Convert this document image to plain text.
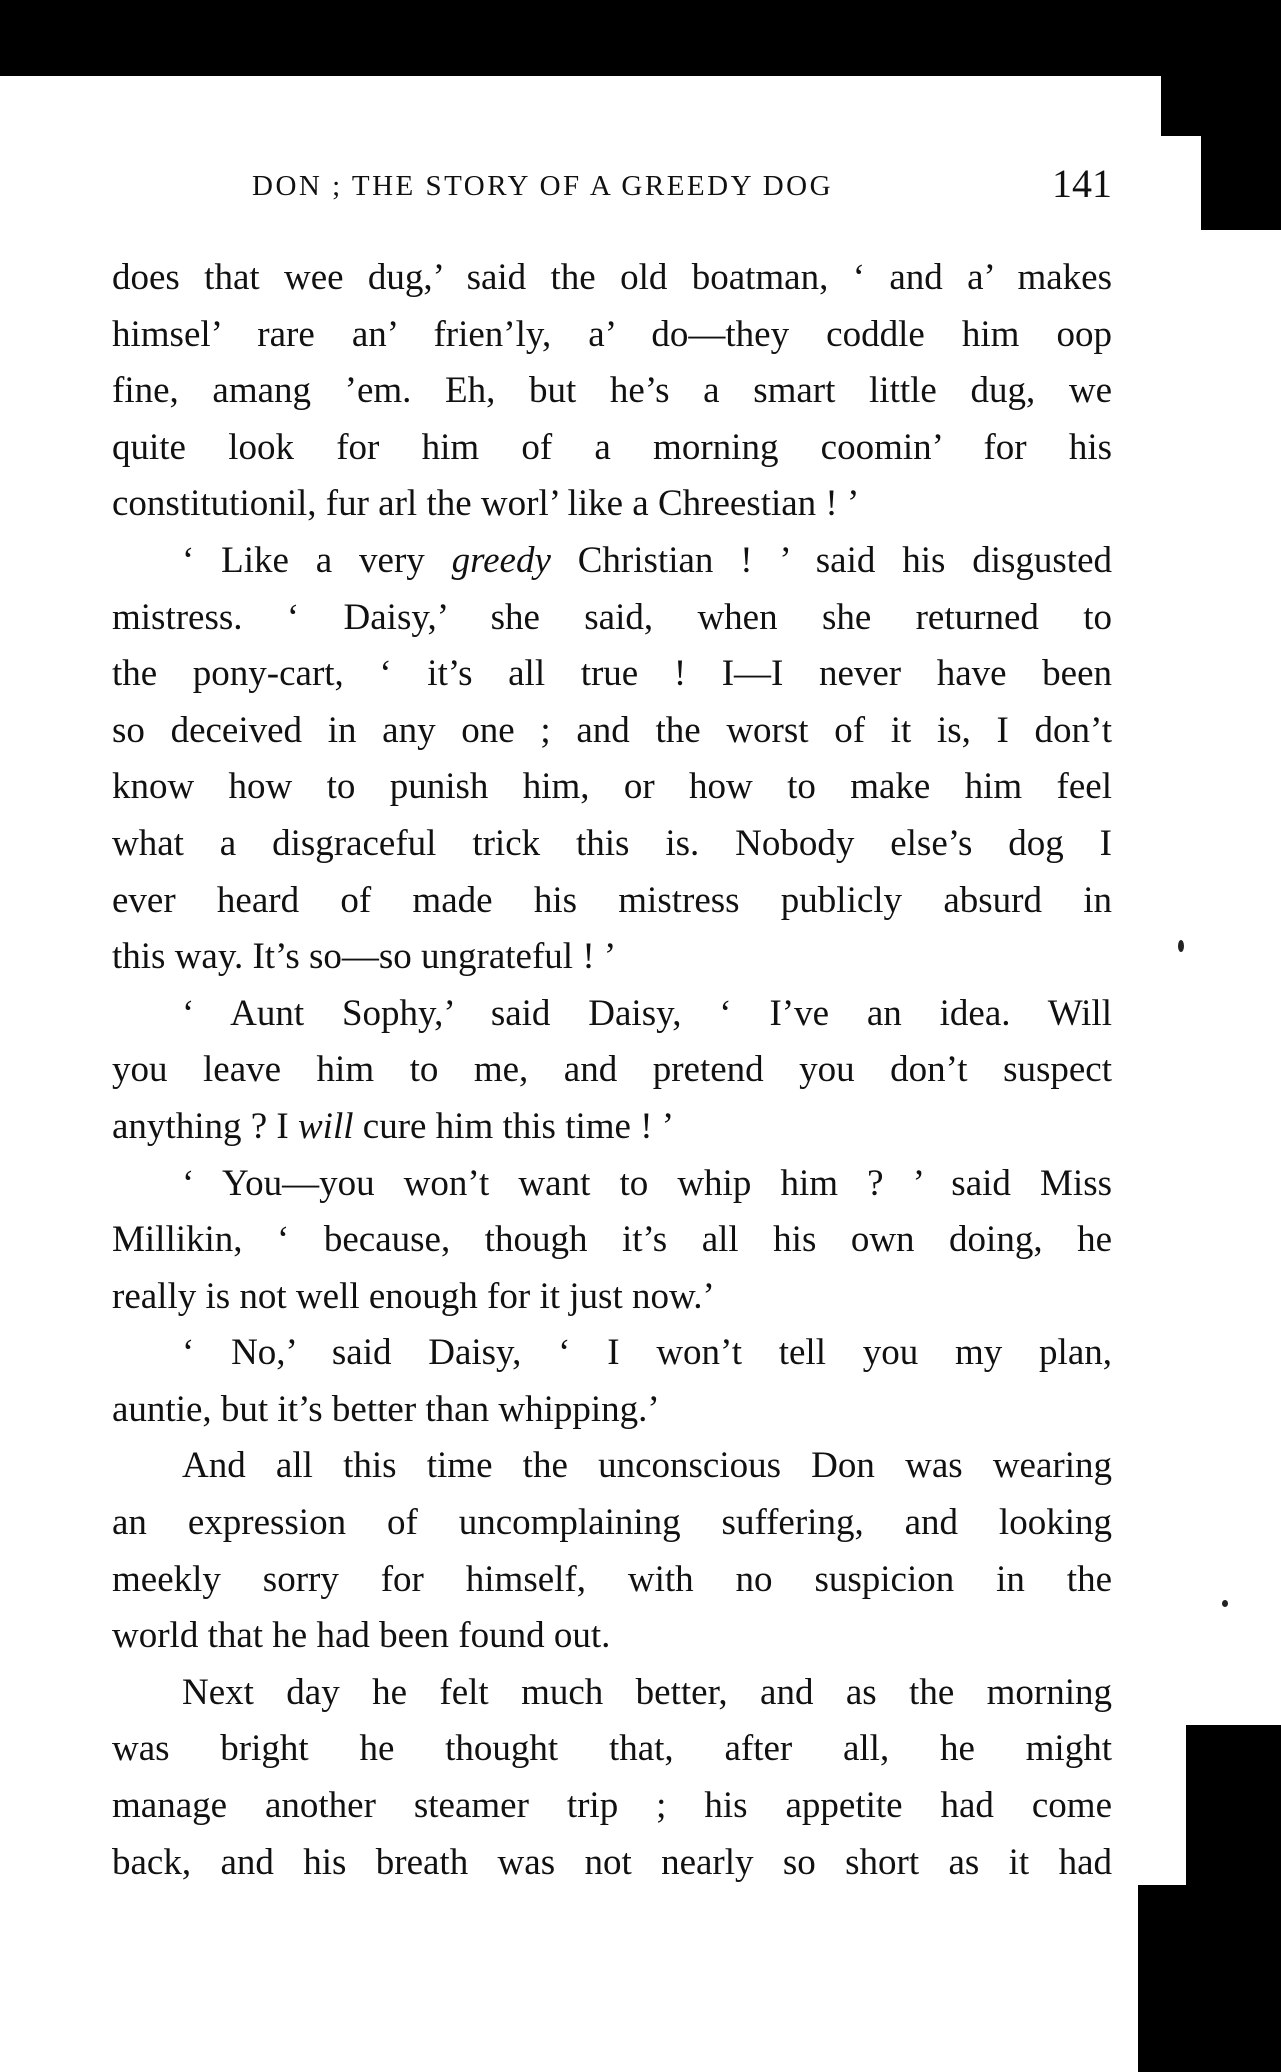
DON ; THE STORY OF A GREEDY DOG	141
does that wee dug,’ said the old boatman, ‘ and a’ makes
himsel’ rare an’ frien’ly, a’ do—they coddle him oop
fine, amang ’em. Eh, but he’s a smart little dug, we
quite look for him of a morning coomin’ for his
constitutionil, fur arl the worl’ like a Chreestian ! ’
‘ Like a very greedy Christian ! ’ said his disgusted
mistress. ‘ Daisy,’ she said, when she returned to
the pony-cart, ‘ it’s all true ! I—I never have been
so deceived in any one ; and the worst of it is, I don’t
know how to punish him, or how to make him feel
what a disgraceful trick this is. Nobody else’s dog I
ever heard of made his mistress publicly absurd in
this way. It’s so—so ungrateful ! ’
‘ Aunt Sophy,’ said Daisy, ‘ I’ve an idea. Will
you leave him to me, and pretend you don’t suspect
anything ? I will cure him this time ! ’
‘ You—you won’t want to whip him ? ’ said Miss
Millikin, ‘ because, though it’s all his own doing, he
really is not well enough for it just now.’
‘ No,’ said Daisy, ‘ I won’t tell you my plan,
auntie, but it’s better than whipping.’
And all this time the unconscious Don was wearing
an expression of uncomplaining suffering, and looking
meekly sorry for himself, with no suspicion in the
world that he had been found out.
Next day he felt much better, and as the morning
was bright he thought that, after all, he might
manage another steamer trip ; his appetite had come
back, and his breath was not nearly so short as it had
